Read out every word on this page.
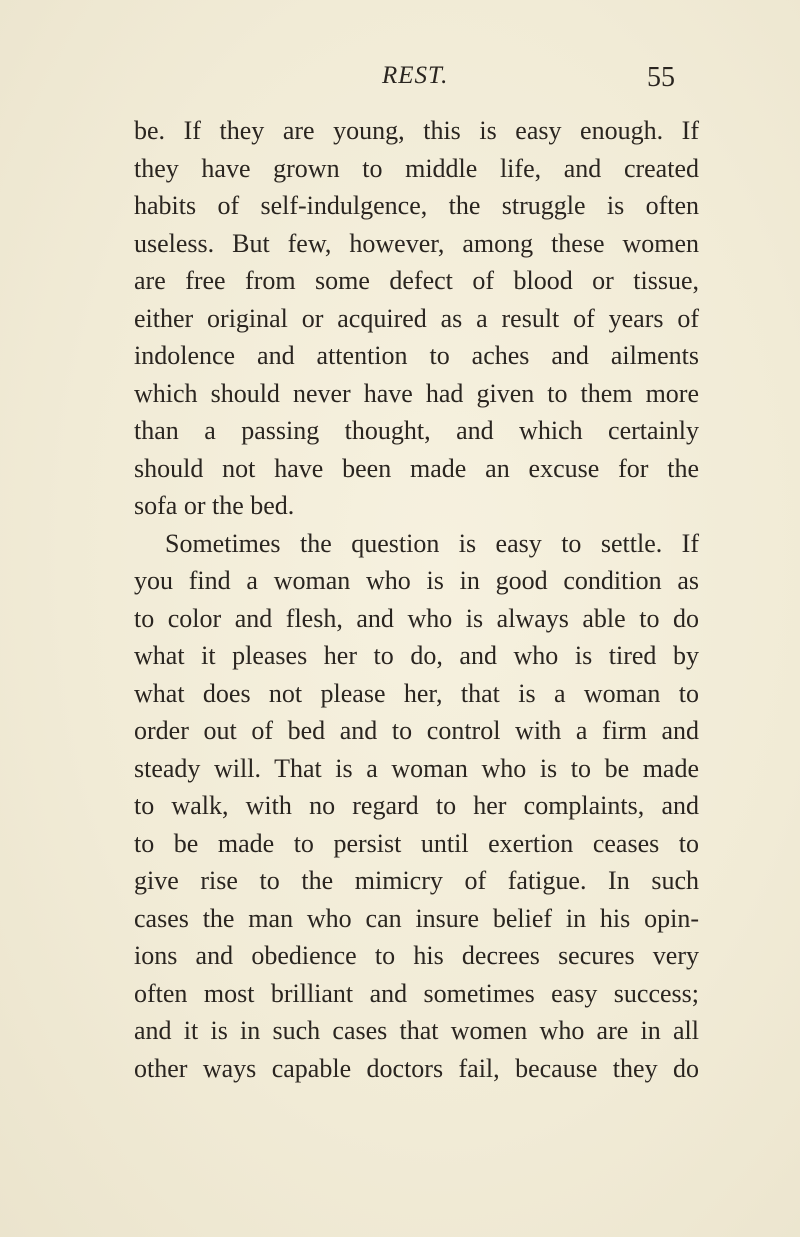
REST.	55
be. If they are young, this is easy enough. If
they have grown to middle life, and created
habits of self-indulgence, the struggle is often
useless. But few, however, among these women
are free from some defect of blood or tissue,
either original or acquired as a result of years of
indolence and attention to aches and ailments
which should never have had given to them more
than a passing thought, and which certainly
should not have been made an excuse for the
sofa or the bed.
Sometimes the question is easy to settle. If
you find a woman who is in good condition as
to color and flesh, and who is always able to do
what it pleases her to do, and who is tired by
what does not please her, that is a woman to
order out of bed and to control with a firm and
steady will. That is a woman who is to be made
to walk, with no regard to her complaints, and
to be made to persist until exertion ceases to
give rise to the mimicry of fatigue. In such
cases the man who can insure belief in his opin-
ions and obedience to his decrees secures very
often most brilliant and sometimes easy success;
and it is in such cases that women who are in all
other ways capable doctors fail, because they do
